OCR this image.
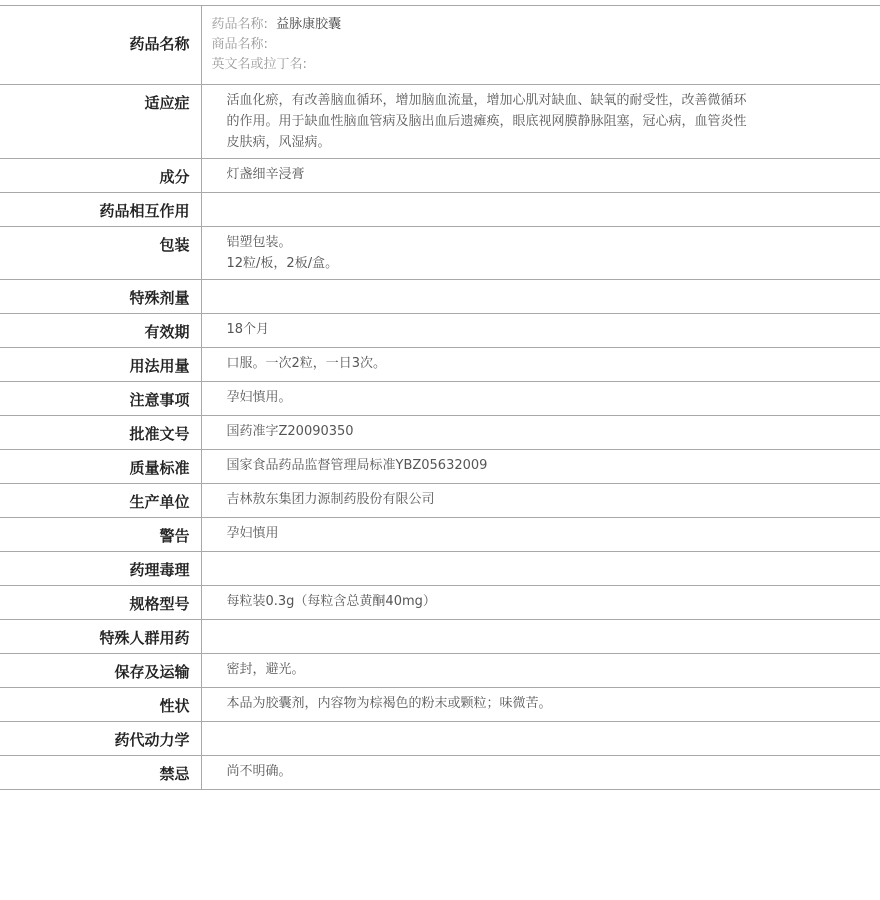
药品名称	药品名称: 益脉康胶囊
商品名称:
英文名或拉丁名:

适应症	活血化瘀，有改善脑血循环，增加脑血流量，增加心肌对缺血、缺氧的耐受性，改善微循环
的作用。用于缺血性脑血管病及脑出血后遗瘫痪，眼底视网膜静脉阻塞，冠心病，血管炎性
皮肤病，风湿病。

成分	灯盏细辛浸膏

药品相互作用	
包装	铝塑包装。
12粒/板，2板/盒。

特殊剂量	
有效期	18个月

用法用量	口服。一次2粒，一日3次。

注意事项	孕妇慎用。

批准文号	国药准字Z20090350

质量标准	国家食品药品监督管理局标准YBZ05632009

生产单位	吉林敖东集团力源制药股份有限公司

警告	孕妇慎用

药理毒理	
规格型号	每粒装0.3g（每粒含总黄酮40mg）

特殊人群用药	
保存及运输	密封，避光。

性状	本品为胶囊剂，内容物为棕褐色的粉末或颗粒；味微苦。

药代动力学	
禁忌	尚不明确。
